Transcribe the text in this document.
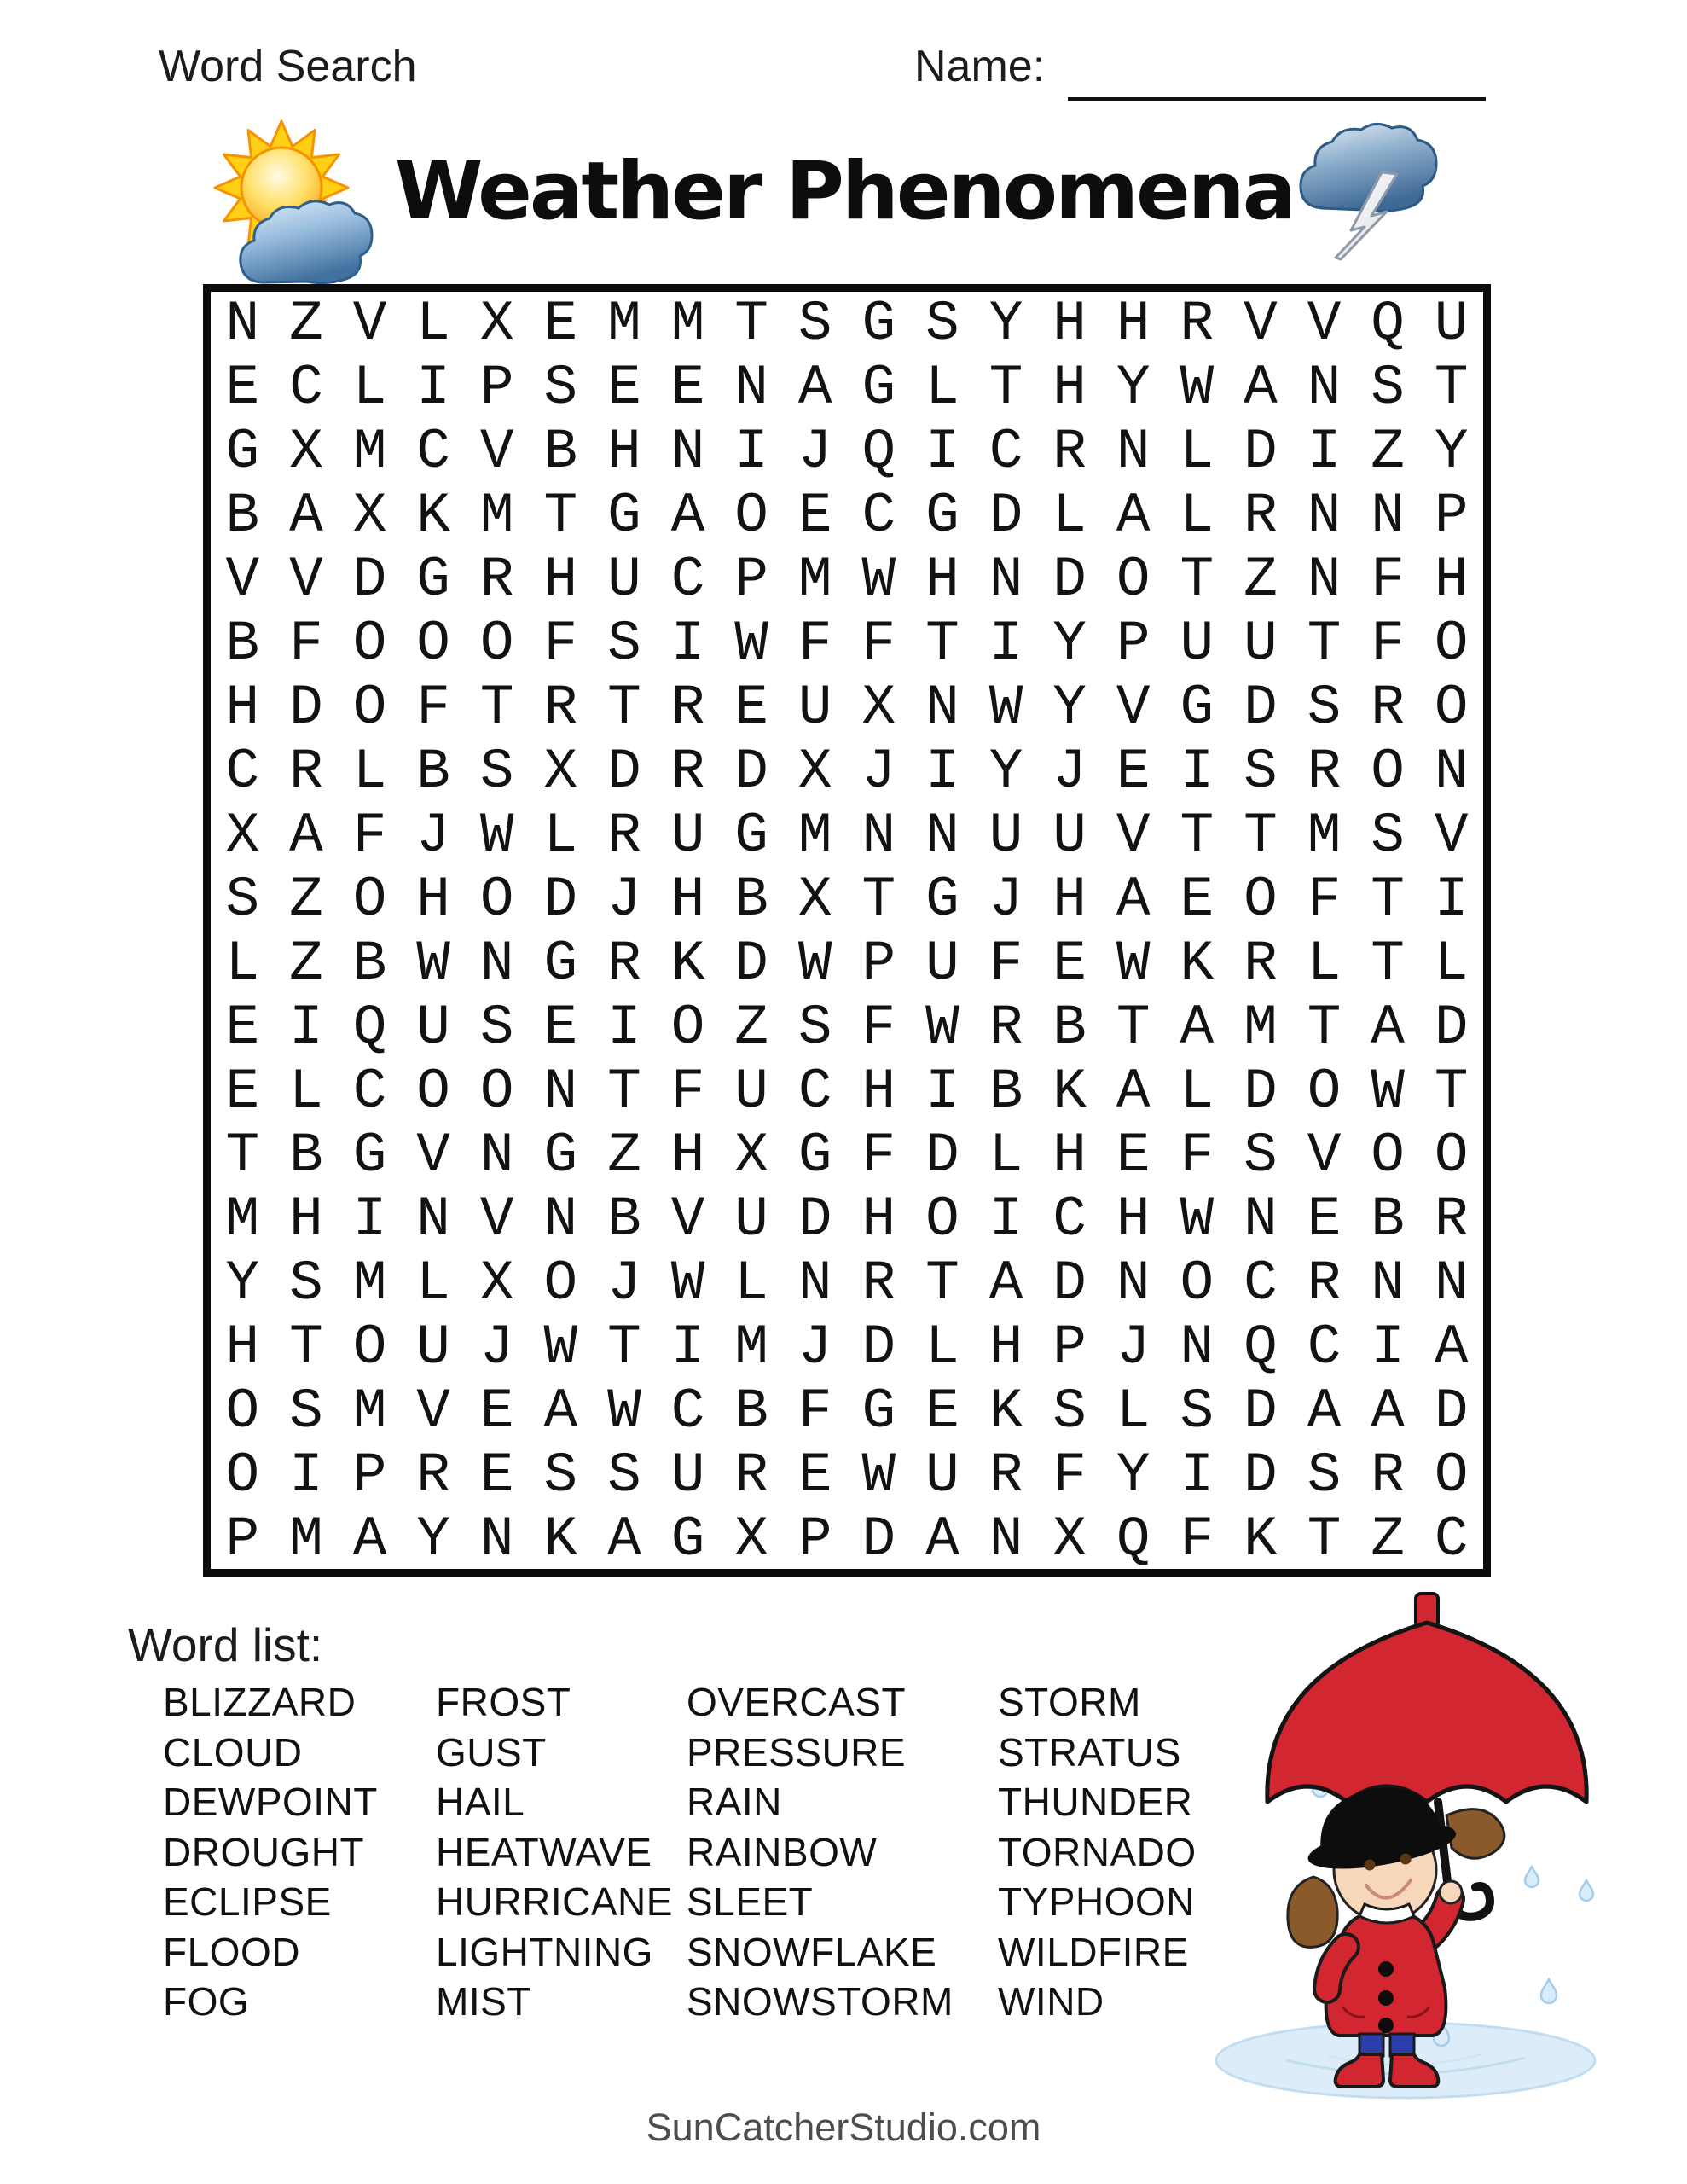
Word Search	Name:
Weather Phenomena
N Z V L X E M M T S G S Y H H R V V Q U
E C L I P S E E N A G L T H Y W A N S T
G X M C V B H N I J Q I C R N L D I Z Y
B A X K M T G A O E C G D L A L R N N P
V V D G R H U C P M W H N D O T Z N F H
B F O O O F S I W F F T I Y P U U T F O
H D O F T R T R E U X N W Y V G D S R O
C R L B S X D R D X J I Y J E I S R O N
X A F J W L R U G M N N U U V T T M S V
S Z O H O D J H B X T G J H A E O F T I
L Z B W N G R K D W P U F E W K R L T L
E I Q U S E I O Z S F W R B T A M T A D
E L C O O N T F U C H I B K A L D O W T
T B G V N G Z H X G F D L H E F S V O O
M H I N V N B V U D H O I C H W N E B R
Y S M L X O J W L N R T A D N O C R N N
H T O U J W T I M J D L H P J N Q C I A
O S M V E A W C B F G E K S L S D A A D
O I P R E S S U R E W U R F Y I D S R O
P M A Y N K A G X P D A N X Q F K T Z C
Word list:
BLIZZARD
CLOUD
DEWPOINT
DROUGHT
ECLIPSE
FLOOD
FOG
FROST
GUST
HAIL
HEATWAVE
HURRICANE
LIGHTNING
MIST
OVERCAST
PRESSURE
RAIN
RAINBOW
SLEET
SNOWFLAKE
SNOWSTORM
STORM
STRATUS
THUNDER
TORNADO
TYPHOON
WILDFIRE
WIND
SunCatcherStudio.com
